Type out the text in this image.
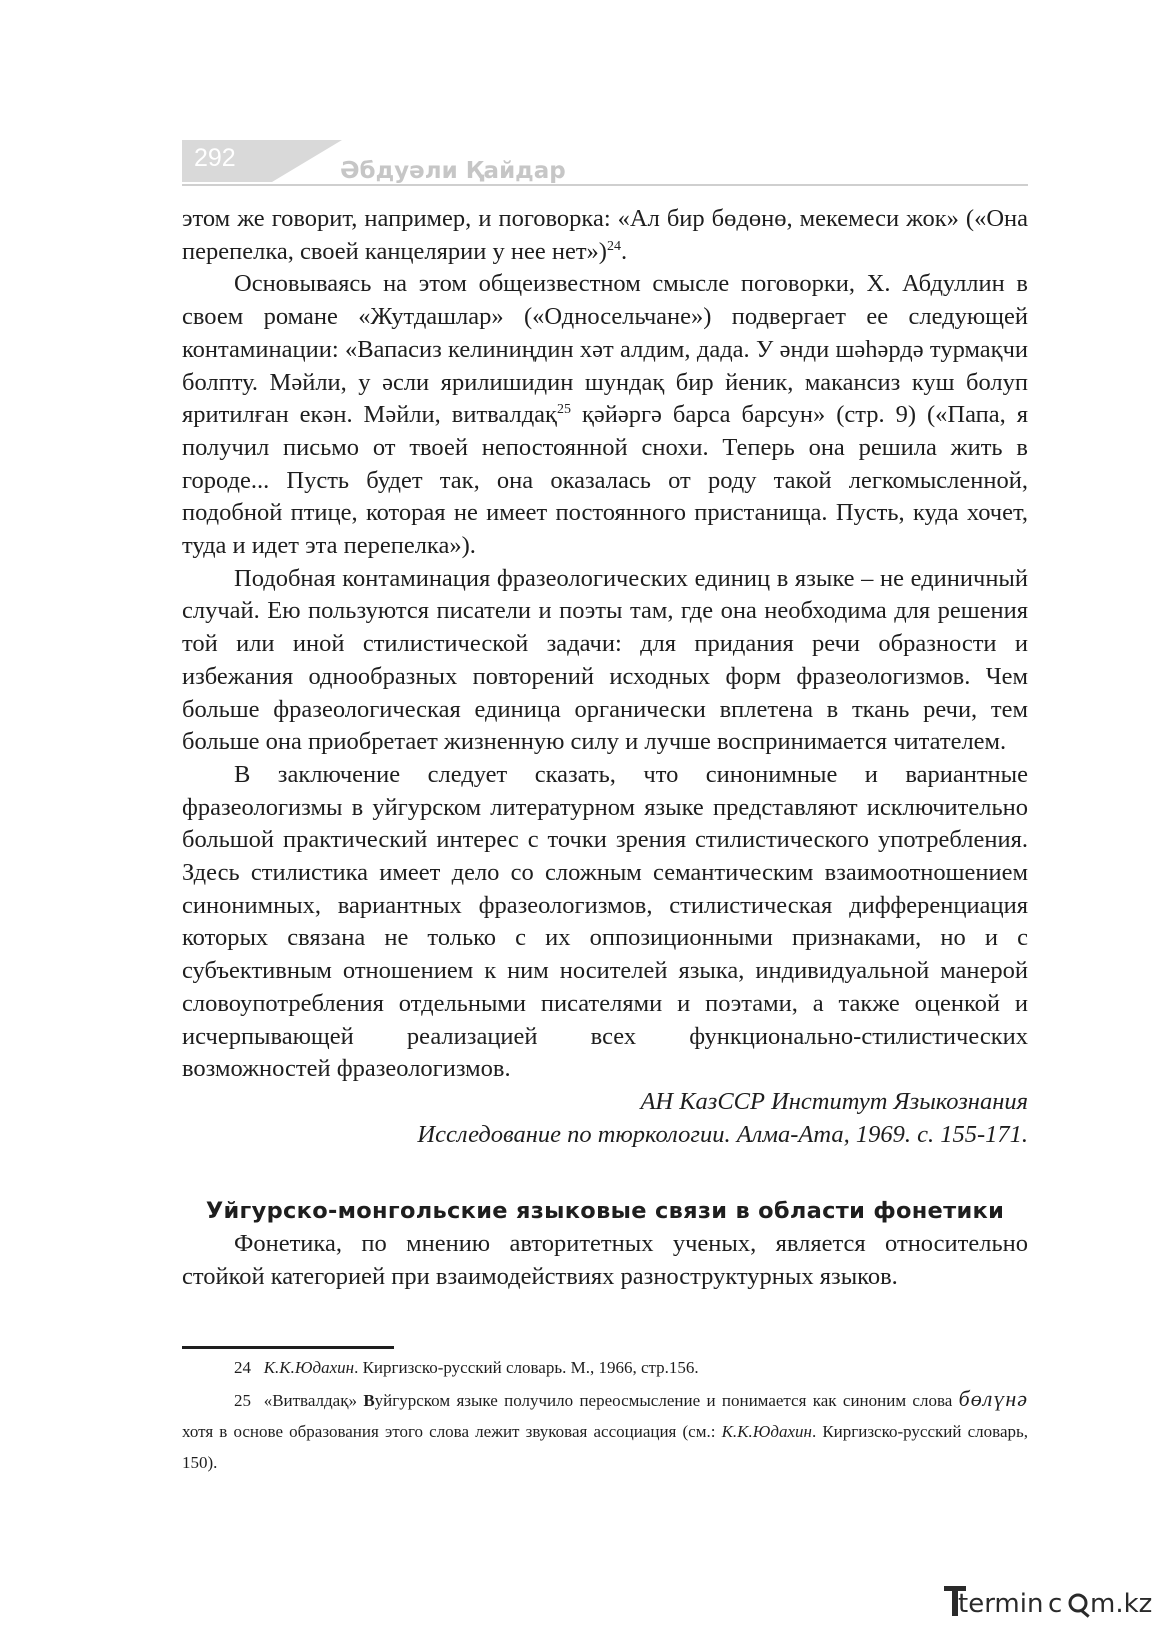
292	Әбдуәли Қайдар

этом же говорит, например, и поговорка: «Ал бир бөдөнө, мекемеси жок» («Она перепелка, своей канцелярии у нее нет»)$^{24}$.

Основываясь на этом общеизвестном смысле поговорки, Х. Абдуллин в своем романе «Жутдашлар» («Односельчане») подвергает ее следующей контаминации: «Вапасиз келиниңдин хәт алдим, дада. У әнди шәһәрдә турмақчи болпту. Мәйли, у әсли ярилишидин шундақ бир йеник, макансиз куш болуп яритилған екән. Мәйли, витвалдақ$^{25}$ қәйәргә барса барсун» (стр. 9) («Папа, я получил письмо от твоей непостоянной снохи. Теперь она решила жить в городе... Пусть будет так, она оказалась от роду такой легкомысленной, подобной птице, которая не имеет постоянного пристанища. Пусть, куда хочет, туда и идет эта перепелка»).

Подобная контаминация фразеологических единиц в языке – не единичный случай. Ею пользуются писатели и поэты там, где она необходима для решения той или иной стилистической задачи: для придания речи образности и избежания однообразных повторений исходных форм фразеологизмов. Чем больше фразеологическая единица органически вплетена в ткань речи, тем больше она приобретает жизненную силу и лучше воспринимается читателем.

В заключение следует сказать, что синонимные и вариантные фразеологизмы в уйгурском литературном языке представляют исключительно большой практический интерес с точки зрения стилистического употребления. Здесь стилистика имеет дело со сложным семантическим взаимоотношением синонимных, вариантных фразеологизмов, стилистическая дифференциация которых связана не только с их оппозиционными признаками, но и с субъективным отношением к ним носителей языка, индивидуальной манерой словоупотребления отдельными писателями и поэтами, а также оценкой и исчерпывающей реализацией всех функционально-стилистических возможностей фразеологизмов.

АН КазССР Институт Языкознания

Исследование по тюркологии. Алма-Ата, 1969. с. 155-171.

Уйгурско-монгольские языковые связи в области фонетики

Фонетика, по мнению авторитетных ученых, является относительно стойкой категорией при взаимодействиях разноструктурных языков.

24 К.К.Юдахин. Киргизско-русский словарь. М., 1966, стр.156.

25 «Витвалдақ» Вуйгурском языке получило переосмысление и понимается как синоним слова бөлүнә хотя в основе образования этого слова лежит звуковая ассоциация (см.: К.К.Юдахин. Киргизско-русский словарь, 150).

termin c m.kz
